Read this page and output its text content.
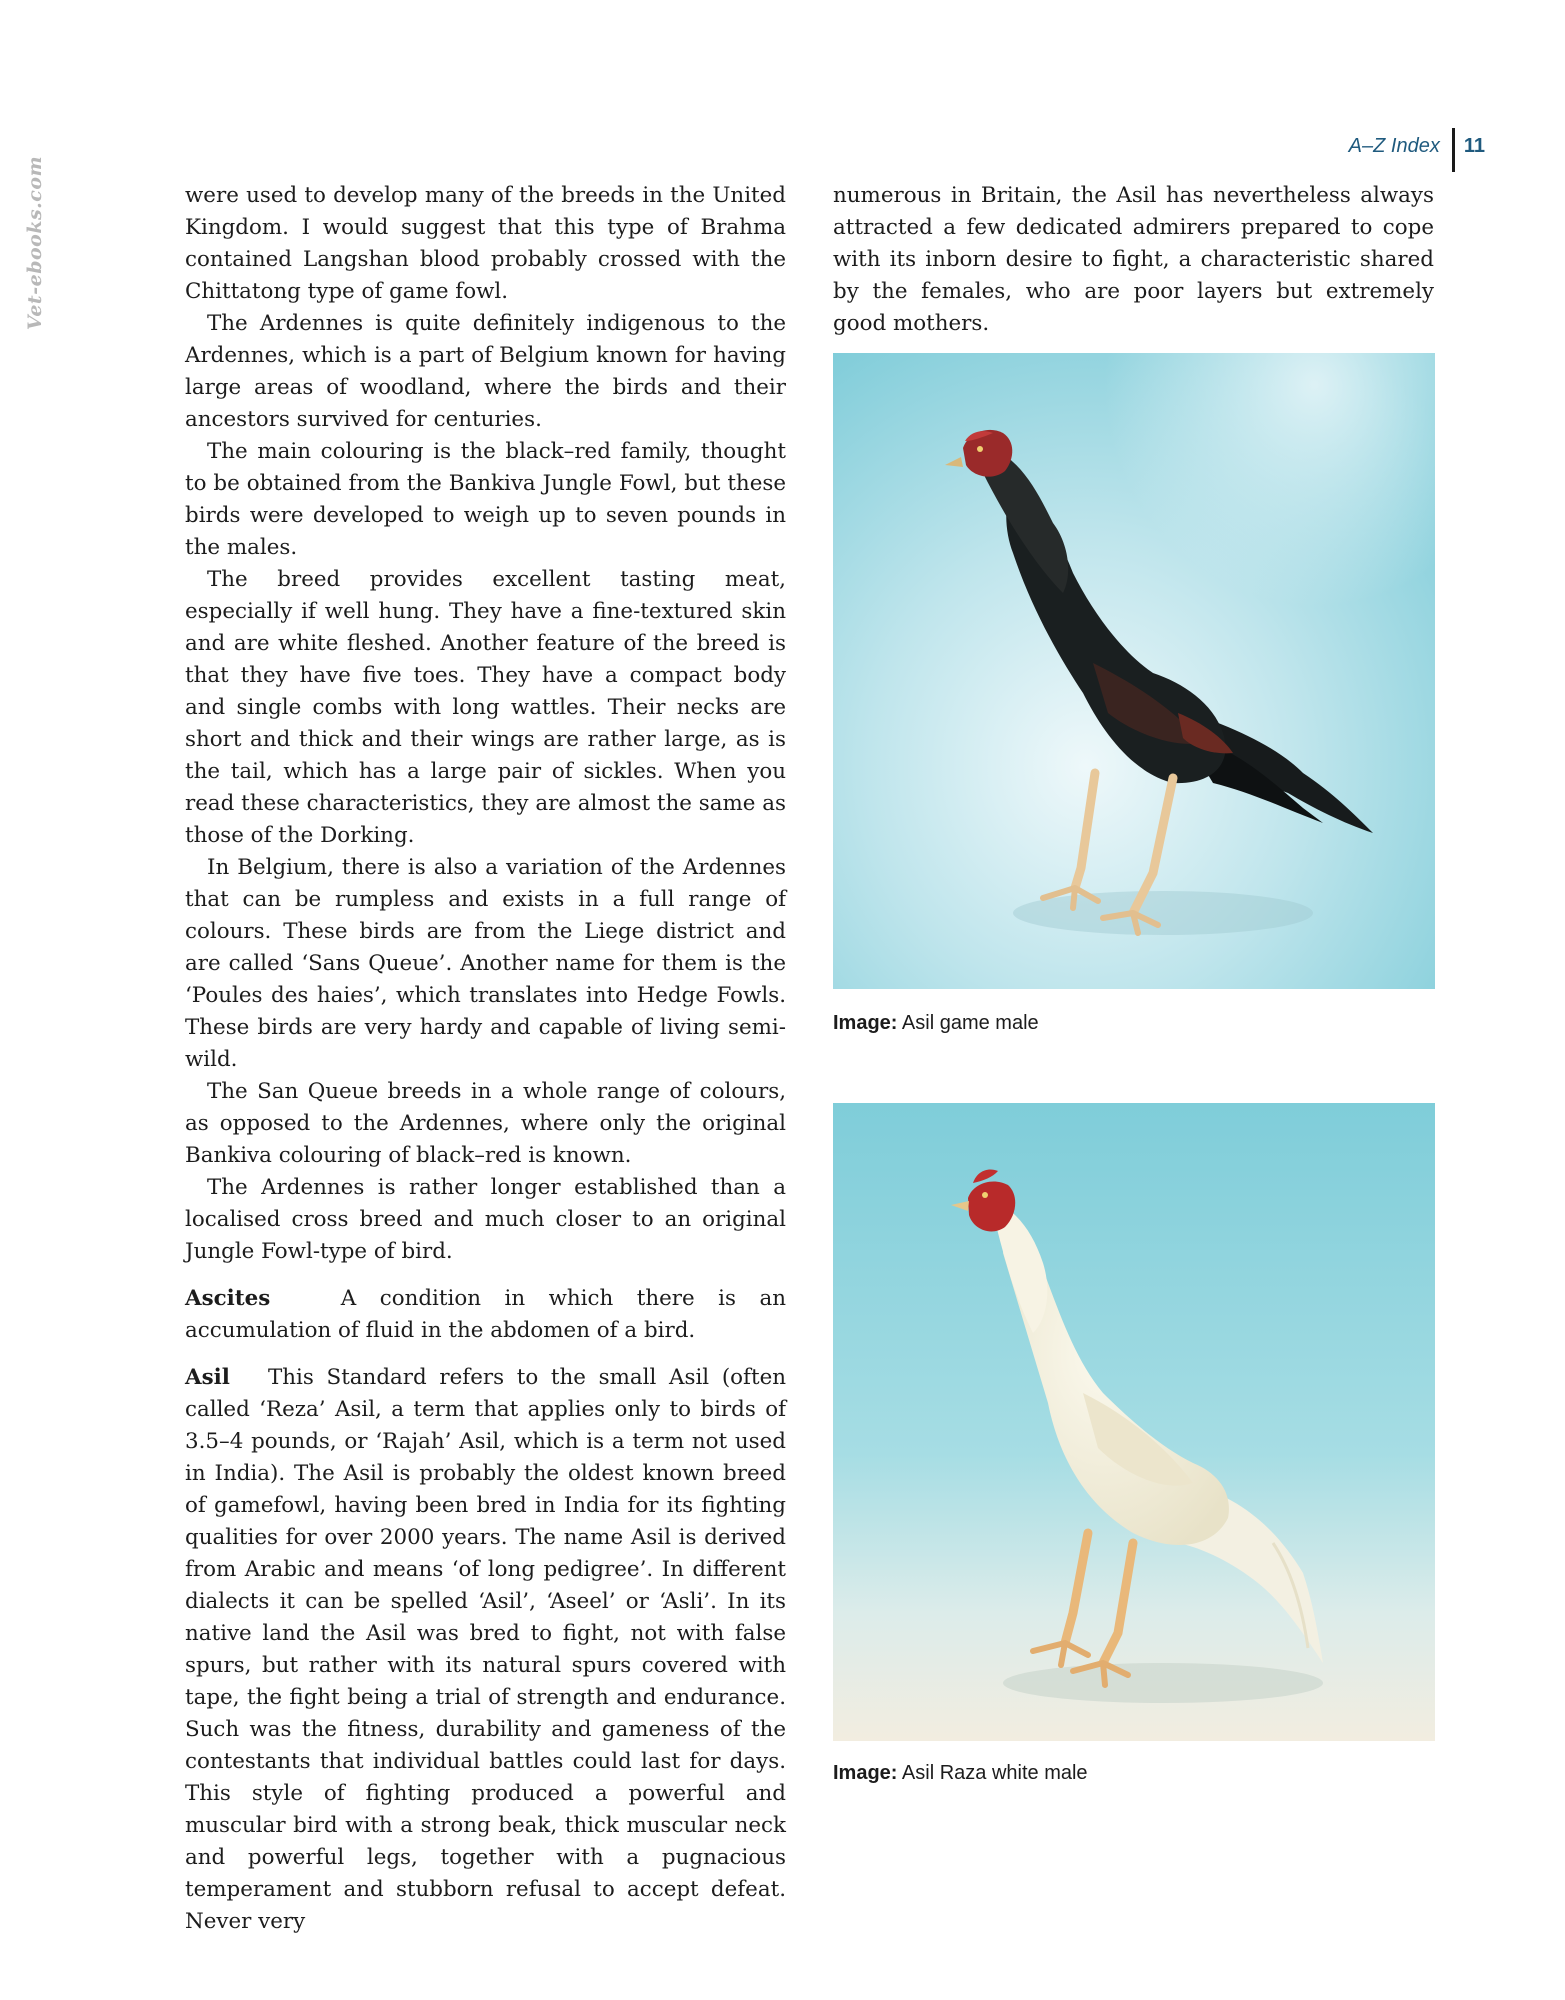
A–Z Index	11
Vet-ebooks.com	were used to develop many of the breeds in the United Kingdom. I would suggest that this type of Brahma contained Langshan blood probably crossed with the Chittatong type of game fowl.

The Ardennes is quite definitely indigenous to the Ardennes, which is a part of Belgium known for having large areas of woodland, where the birds and their ancestors survived for centuries.

The main colouring is the black–red family, thought to be obtained from the Bankiva Jungle Fowl, but these birds were developed to weigh up to seven pounds in the males.

The breed provides excellent tasting meat, especially if well hung. They have a fine-textured skin and are white fleshed. Another feature of the breed is that they have five toes. They have a compact body and single combs with long wattles. Their necks are short and thick and their wings are rather large, as is the tail, which has a large pair of sickles. When you read these characteristics, they are almost the same as those of the Dorking.

In Belgium, there is also a variation of the Ardennes that can be rumpless and exists in a full range of colours. These birds are from the Liege district and are called ‘Sans Queue’. Another name for them is the ‘Poules des haies’, which translates into Hedge Fowls. These birds are very hardy and capable of living semi-wild.

The San Queue breeds in a whole range of colours, as opposed to the Ardennes, where only the original Bankiva colouring of black–red is known.

The Ardennes is rather longer established than a localised cross breed and much closer to an original Jungle Fowl-type of bird.

Ascites	A condition in which there is an accumulation of fluid in the abdomen of a bird.

Asil This Standard refers to the small Asil (often called ‘Reza’ Asil, a term that applies only to birds of 3.5–4 pounds, or ‘Rajah’ Asil, which is a term not used in India). The Asil is probably the oldest known breed of gamefowl, having been bred in India for its fighting qualities for over 2000 years. The name Asil is derived from Arabic and means ‘of long pedigree’. In different dialects it can be spelled ‘Asil’, ‘Aseel’ or ‘Asli’. In its native land the Asil was bred to fight, not with false spurs, but rather with its natural spurs covered with tape, the fight being a trial of strength and endurance. Such was the fitness, durability and gameness of the contestants that individual battles could last for days. This style of fighting produced a powerful and muscular bird with a strong beak, thick muscular neck and powerful legs, together with a pugnacious temperament and stubborn refusal to accept defeat. Never very

numerous in Britain, the Asil has nevertheless always attracted a few dedicated admirers prepared to cope with its inborn desire to fight, a characteristic shared by the females, who are poor layers but extremely good mothers.

Image: Asil game male
Image: Asil Raza white male
